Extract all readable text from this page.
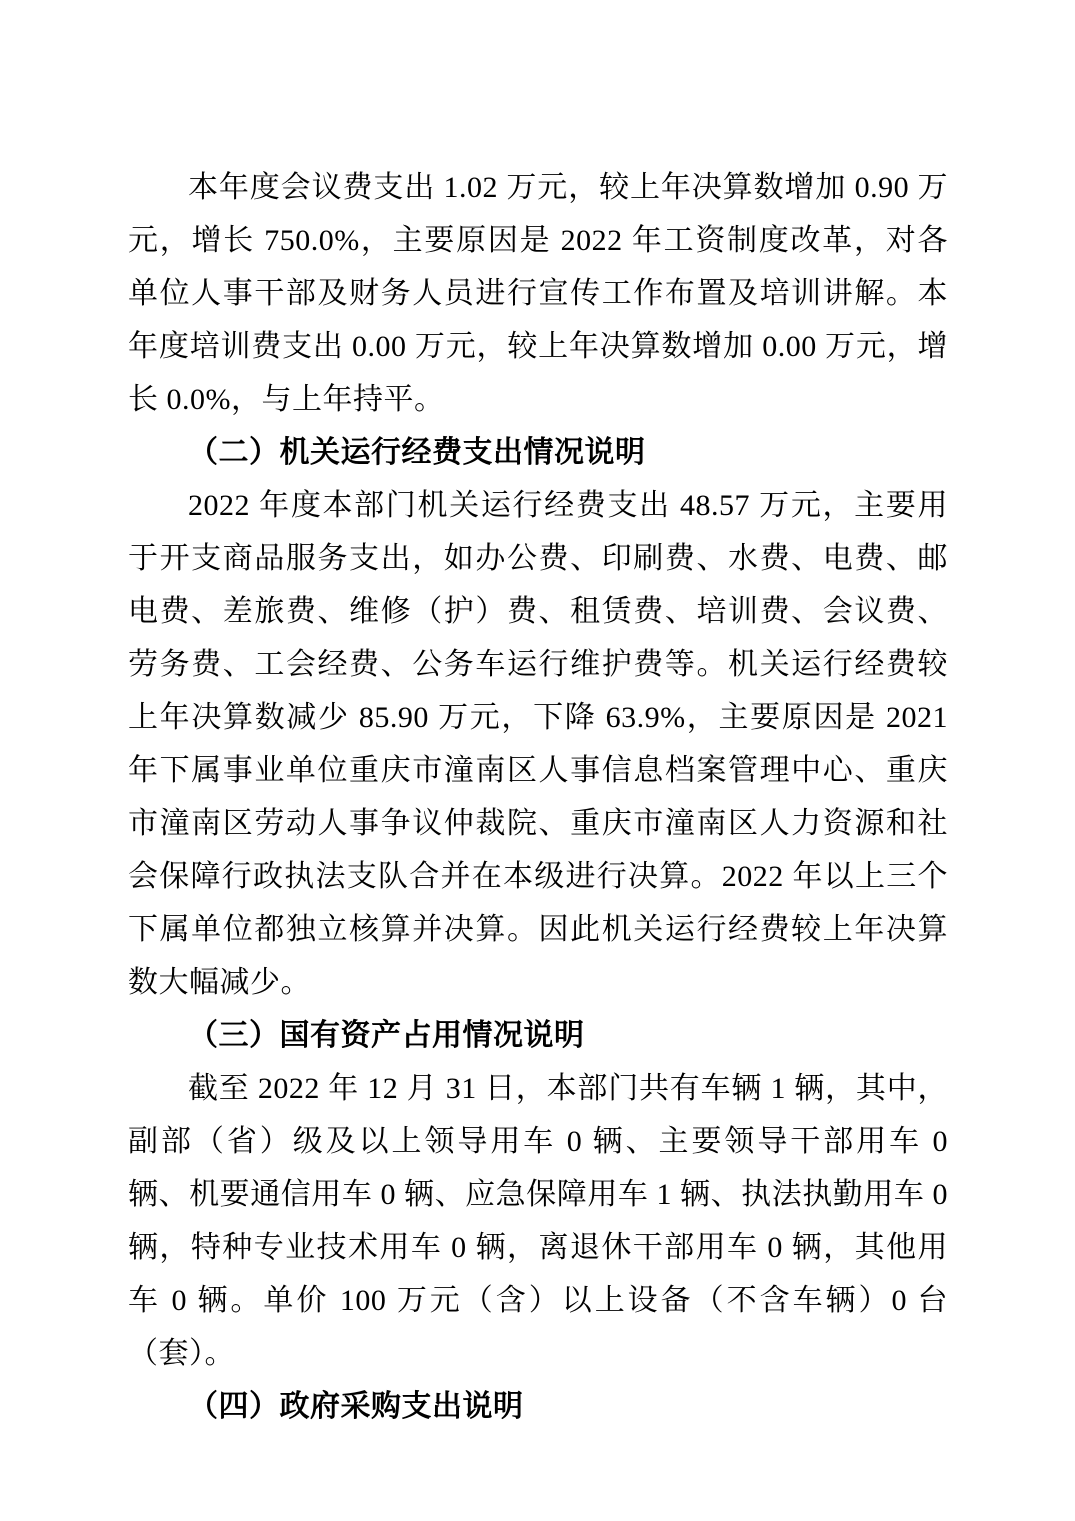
本年度会议费支出 1.02 万元，较上年决算数增加 0.90 万元，增长 750.0%，主要原因是 2022 年工资制度改革，对各单位人事干部及财务人员进行宣传工作布置及培训讲解。本年度培训费支出 0.00 万元，较上年决算数增加 0.00 万元，增长 0.0%，与上年持平。

（二）机关运行经费支出情况说明

2022 年度本部门机关运行经费支出 48.57 万元，主要用于开支商品服务支出，如办公费、印刷费、水费、电费、邮电费、差旅费、维修（护）费、租赁费、培训费、会议费、劳务费、工会经费、公务车运行维护费等。机关运行经费较上年决算数减少 85.90 万元，下降 63.9%，主要原因是 2021 年下属事业单位重庆市潼南区人事信息档案管理中心、重庆市潼南区劳动人事争议仲裁院、重庆市潼南区人力资源和社会保障行政执法支队合并在本级进行决算。2022 年以上三个下属单位都独立核算并决算。因此机关运行经费较上年决算数大幅减少。

（三）国有资产占用情况说明

截至 2022 年 12 月 31 日，本部门共有车辆 1 辆，其中，副部（省）级及以上领导用车 0 辆、主要领导干部用车 0 辆、机要通信用车 0 辆、应急保障用车 1 辆、执法执勤用车 0 辆，特种专业技术用车 0 辆，离退休干部用车 0 辆，其他用车 0 辆。单价 100 万元（含）以上设备（不含车辆）0 台（套）。

（四）政府采购支出说明
